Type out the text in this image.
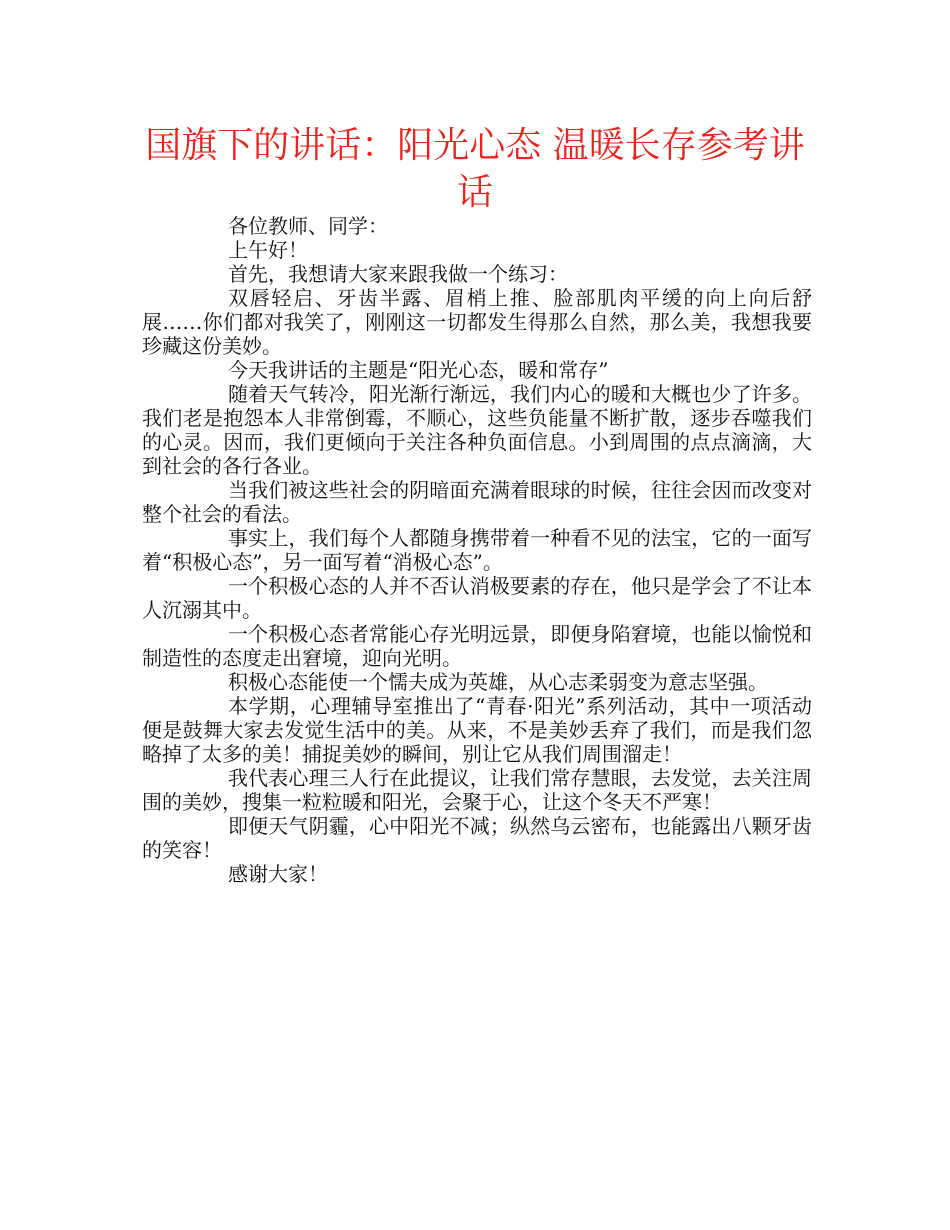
国旗下的讲话：阳光心态 温暖长存参考讲话

各位教师、同学：

上午好！

首先，我想请大家来跟我做一个练习：

双唇轻启、牙齿半露、眉梢上推、脸部肌肉平缓的向上向后舒展……你们都对我笑了，刚刚这一切都发生得那么自然，那么美，我想我要珍藏这份美妙。

今天我讲话的主题是“阳光心态，暖和常存”

随着天气转冷，阳光渐行渐远，我们内心的暖和大概也少了许多。我们老是抱怨本人非常倒霉，不顺心，这些负能量不断扩散，逐步吞噬我们的心灵。因而，我们更倾向于关注各种负面信息。小到周围的点点滴滴，大到社会的各行各业。

当我们被这些社会的阴暗面充满着眼球的时候，往往会因而改变对整个社会的看法。

事实上，我们每个人都随身携带着一种看不见的法宝，它的一面写着“积极心态”，另一面写着“消极心态”。

一个积极心态的人并不否认消极要素的存在，他只是学会了不让本人沉溺其中。

一个积极心态者常能心存光明远景，即便身陷窘境，也能以愉悦和制造性的态度走出窘境，迎向光明。

积极心态能使一个懦夫成为英雄，从心志柔弱变为意志坚强。

本学期，心理辅导室推出了“青春·阳光”系列活动，其中一项活动便是鼓舞大家去发觉生活中的美。从来，不是美妙丢弃了我们，而是我们忽略掉了太多的美！捕捉美妙的瞬间，别让它从我们周围溜走！

我代表心理三人行在此提议，让我们常存慧眼，去发觉，去关注周围的美妙，搜集一粒粒暖和阳光，会聚于心，让这个冬天不严寒！

即便天气阴霾，心中阳光不减；纵然乌云密布，也能露出八颗牙齿的笑容！

感谢大家！
